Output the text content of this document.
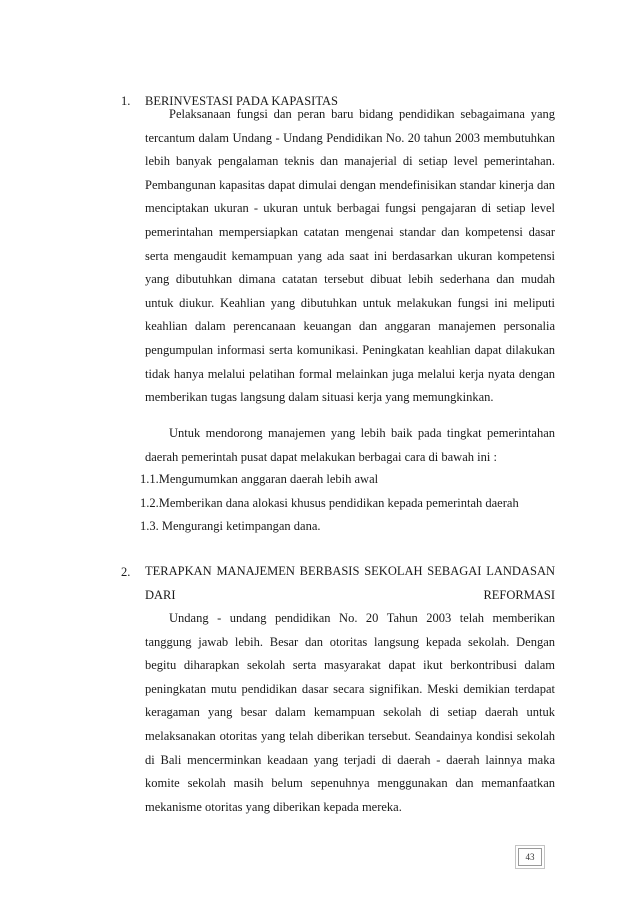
1. BERINVESTASI PADA KAPASITAS

Pelaksanaan fungsi dan peran baru bidang pendidikan sebagaimana yang tercantum dalam Undang - Undang Pendidikan No. 20 tahun 2003 membutuhkan lebih banyak pengalaman teknis dan manajerial di setiap level pemerintahan. Pembangunan kapasitas dapat dimulai dengan mendefinisikan standar kinerja dan menciptakan ukuran - ukuran untuk berbagai fungsi pengajaran di setiap level pemerintahan mempersiapkan catatan mengenai standar dan kompetensi dasar serta mengaudit kemampuan yang ada saat ini berdasarkan ukuran kompetensi yang dibutuhkan dimana catatan tersebut dibuat lebih sederhana dan mudah untuk diukur. Keahlian yang dibutuhkan untuk melakukan fungsi ini meliputi keahlian dalam perencanaan keuangan dan anggaran manajemen personalia pengumpulan informasi serta komunikasi. Peningkatan keahlian dapat dilakukan tidak hanya melalui pelatihan formal melainkan juga melalui kerja nyata dengan memberikan tugas langsung dalam situasi kerja yang memungkinkan.

Untuk mendorong manajemen yang lebih baik pada tingkat pemerintahan daerah pemerintah pusat dapat melakukan berbagai cara di bawah ini :

1.1.Mengumumkan anggaran daerah lebih awal
1.2.Memberikan dana alokasi khusus pendidikan kepada pemerintah daerah
1.3. Mengurangi ketimpangan dana.
2. TERAPKAN MANAJEMEN BERBASIS SEKOLAH SEBAGAI LANDASAN DARI REFORMASI

Undang - undang pendidikan No. 20 Tahun 2003 telah memberikan tanggung jawab lebih. Besar dan otoritas langsung kepada sekolah. Dengan begitu diharapkan sekolah serta masyarakat dapat ikut berkontribusi dalam peningkatan mutu pendidikan dasar secara signifikan. Meski demikian terdapat keragaman yang besar dalam kemampuan sekolah di setiap daerah untuk melaksanakan otoritas yang telah diberikan tersebut. Seandainya kondisi sekolah di Bali mencerminkan keadaan yang terjadi di daerah - daerah lainnya maka komite sekolah masih belum sepenuhnya menggunakan dan memanfaatkan mekanisme otoritas yang diberikan kepada mereka.

43
